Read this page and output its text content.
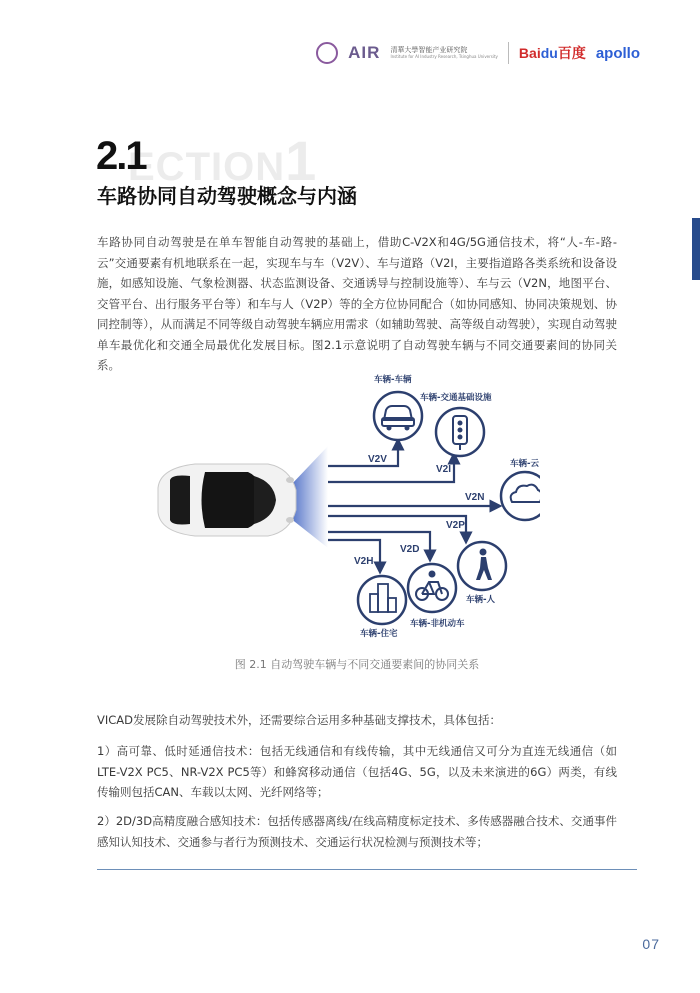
AIR 清華大學智能产业研究院
Institute for AI Industry Research, Tsinghua University Baidu百度 apollo
ECTION1
2.1
车路协同自动驾驶概念与内涵
车路协同自动驾驶是在单车智能自动驾驶的基础上，借助C-V2X和4G/5G通信技术，将“人-车-路-云”交通要素有机地联系在一起，实现车与车（V2V）、车与道路（V2I，主要指道路各类系统和设备设施，如感知设施、气象检测器、状态监测设备、交通诱导与控制设施等）、车与云（V2N，地图平台、交管平台、出行服务平台等）和车与人（V2P）等的全方位协同配合（如协同感知、协同决策规划、协同控制等），从而满足不同等级自动驾驶车辆应用需求（如辅助驾驶、高等级自动驾驶），实现自动驾驶单车最优化和交通全局最优化发展目标。图2.1示意说明了自动驾驶车辆与不同交通要素间的协同关系。
V2V
V2I
V2N
V2P
V2D
V2H
车辆-车辆
车辆-交通基础设施
车辆-云
车辆-人
车辆-非机动车
车辆-住宅
图 2.1 自动驾驶车辆与不同交通要素间的协同关系
VICAD发展除自动驾驶技术外，还需要综合运用多种基础支撑技术，具体包括：
1）高可靠、低时延通信技术：包括无线通信和有线传输，其中无线通信又可分为直连无线通信（如LTE-V2X PC5、NR-V2X PC5等）和蜂窝移动通信（包括4G、5G，以及未来演进的6G）两类，有线传输则包括CAN、车载以太网、光纤网络等；
2）2D/3D高精度融合感知技术：包括传感器离线/在线高精度标定技术、多传感器融合技术、交通事件感知认知技术、交通参与者行为预测技术、交通运行状况检测与预测技术等；
07
